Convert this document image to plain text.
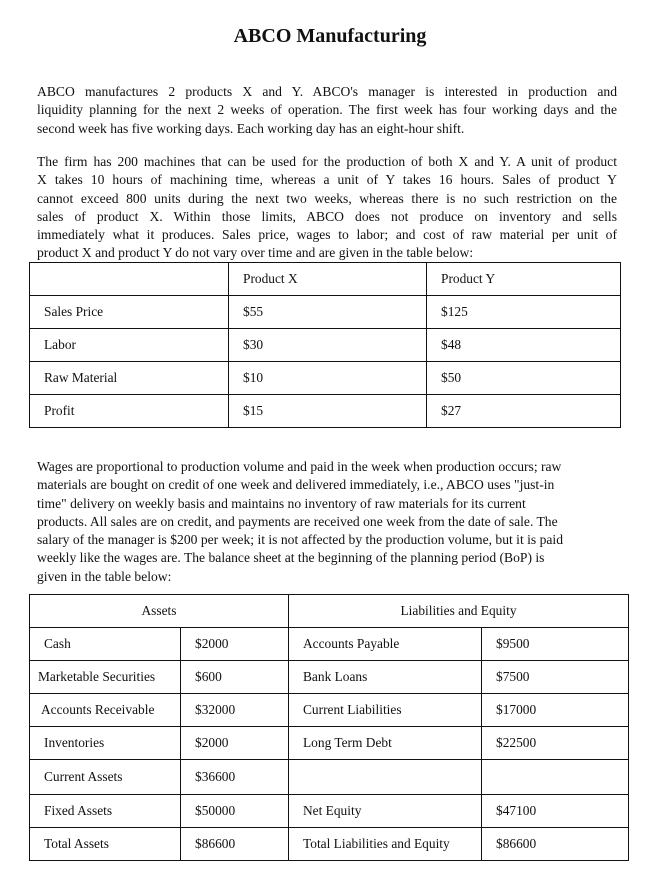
ABCO Manufacturing
ABCO manufactures 2 products X and Y. ABCO's manager is interested in production and
liquidity planning for the next 2 weeks of operation. The first week has four working days and the
second week has five working days. Each working day has an eight-hour shift.
The firm has 200 machines that can be used for the production of both X and Y. A unit of product
X takes 10 hours of machining time, whereas a unit of Y takes 16 hours. Sales of product Y
cannot exceed 800 units during the next two weeks, whereas there is no such restriction on the
sales of product X. Within those limits, ABCO does not produce on inventory and sells
immediately what it produces. Sales price, wages to labor; and cost of raw material per unit of
product X and product Y do not vary over time and are given in the table below:
	Product X	Product Y
Sales Price	$55	$125
Labor	$30	$48
Raw Material	$10	$50
Profit	$15	$27
Wages are proportional to production volume and paid in the week when production occurs; raw
materials are bought on credit of one week and delivered immediately, i.e., ABCO uses "just-in
time" delivery on weekly basis and maintains no inventory of raw materials for its current
products. All sales are on credit, and payments are received one week from the date of sale. The
salary of the manager is $200 per week; it is not affected by the production volume, but it is paid
weekly like the wages are. The balance sheet at the beginning of the planning period (BoP) is
given in the table below:
Assets		Liabilities and Equity	
Cash	$2000	Accounts Payable	$9500
Marketable Securities	$600	Bank Loans	$7500
Accounts Receivable	$32000	Current Liabilities	$17000
Inventories	$2000	Long Term Debt	$22500
Current Assets	$36600		
Fixed Assets	$50000	Net Equity	$47100
Total Assets	$86600	Total Liabilities and Equity	$86600
